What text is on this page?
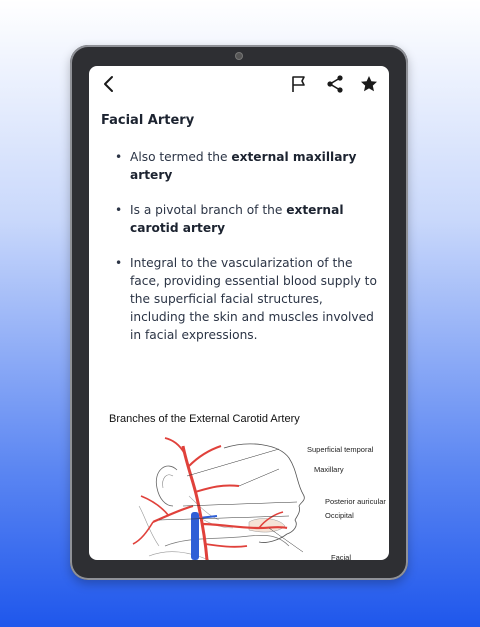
Facial Artery
• Also termed the external maxillary artery
• Is a pivotal branch of the external carotid artery
• Integral to the vascularization of the face, providing essential blood supply to the superficial facial structures, including the skin and muscles involved in facial expressions.
Branches of the External Carotid Artery
Superficial temporal
Maxillary
Posterior auricular
Occipital
Facial
